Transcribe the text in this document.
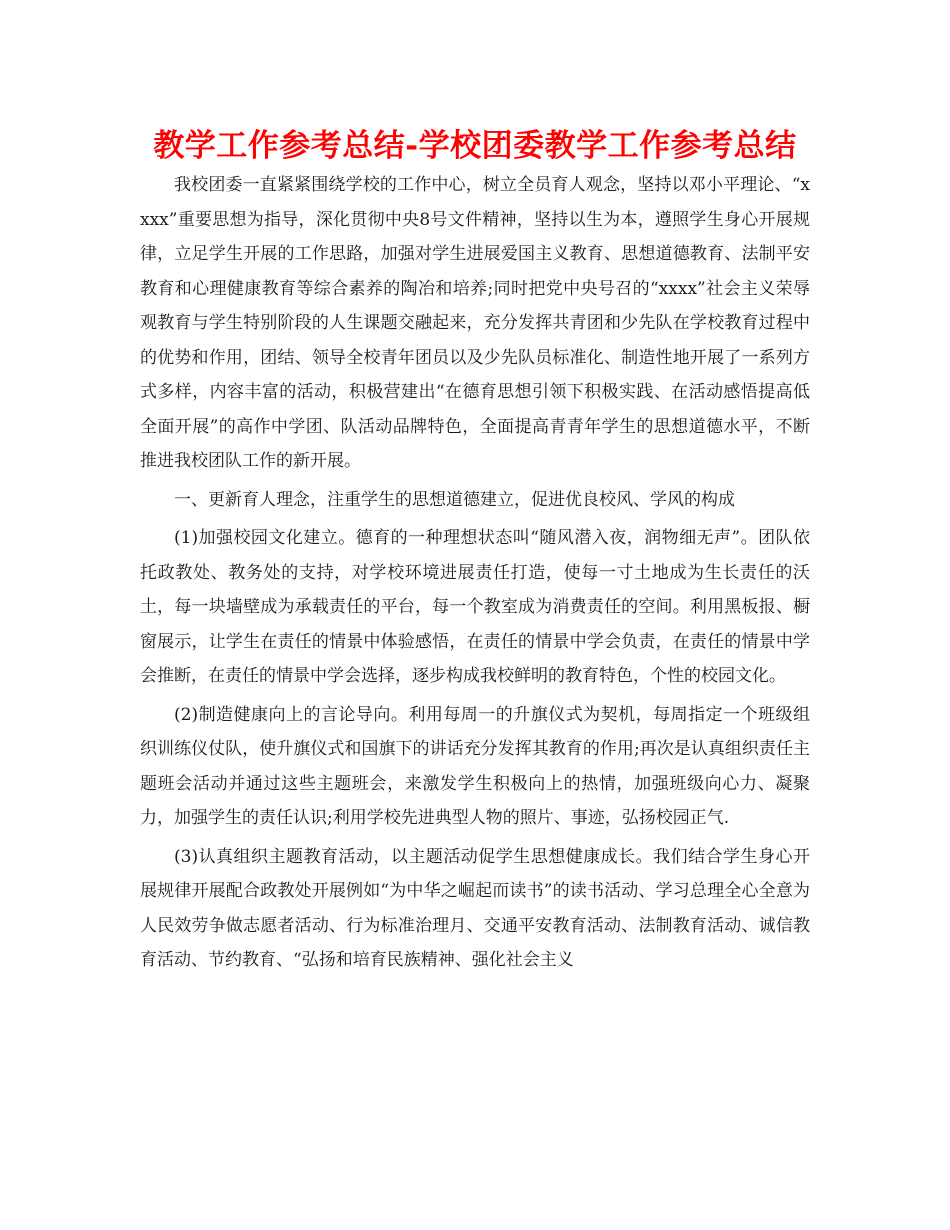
教学工作参考总结-学校团委教学工作参考总结

我校团委一直紧紧围绕学校的工作中心，树立全员育人观念，坚持以邓小平理论、“xxxx”重要思想为指导，深化贯彻中央8号文件精神，坚持以生为本，遵照学生身心开展规律，立足学生开展的工作思路，加强对学生进展爱国主义教育、思想道德教育、法制平安教育和心理健康教育等综合素养的陶冶和培养;同时把党中央号召的“xxxx”社会主义荣辱观教育与学生特别阶段的人生课题交融起来，充分发挥共青团和少先队在学校教育过程中的优势和作用，团结、领导全校青年团员以及少先队员标准化、制造性地开展了一系列方式多样，内容丰富的活动，积极营建出“在德育思想引领下积极实践、在活动感悟提高低全面开展”的高作中学团、队活动品牌特色，全面提高青青年学生的思想道德水平，不断推进我校团队工作的新开展。

一、更新育人理念，注重学生的思想道德建立，促进优良校风、学风的构成

(1)加强校园文化建立。德育的一种理想状态叫“随风潜入夜，润物细无声”。团队依托政教处、教务处的支持，对学校环境进展责任打造，使每一寸土地成为生长责任的沃土，每一块墙壁成为承载责任的平台，每一个教室成为消费责任的空间。利用黑板报、橱窗展示，让学生在责任的情景中体验感悟，在责任的情景中学会负责，在责任的情景中学会推断，在责任的情景中学会选择，逐步构成我校鲜明的教育特色，个性的校园文化。

(2)制造健康向上的言论导向。利用每周一的升旗仪式为契机，每周指定一个班级组织训练仪仗队，使升旗仪式和国旗下的讲话充分发挥其教育的作用;再次是认真组织责任主题班会活动并通过这些主题班会，来激发学生积极向上的热情，加强班级向心力、凝聚力，加强学生的责任认识;利用学校先进典型人物的照片、事迹，弘扬校园正气.

(3)认真组织主题教育活动，以主题活动促学生思想健康成长。我们结合学生身心开展规律开展配合政教处开展例如“为中华之崛起而读书”的读书活动、学习总理全心全意为人民效劳争做志愿者活动、行为标准治理月、交通平安教育活动、法制教育活动、诚信教育活动、节约教育、“弘扬和培育民族精神、强化社会主义
